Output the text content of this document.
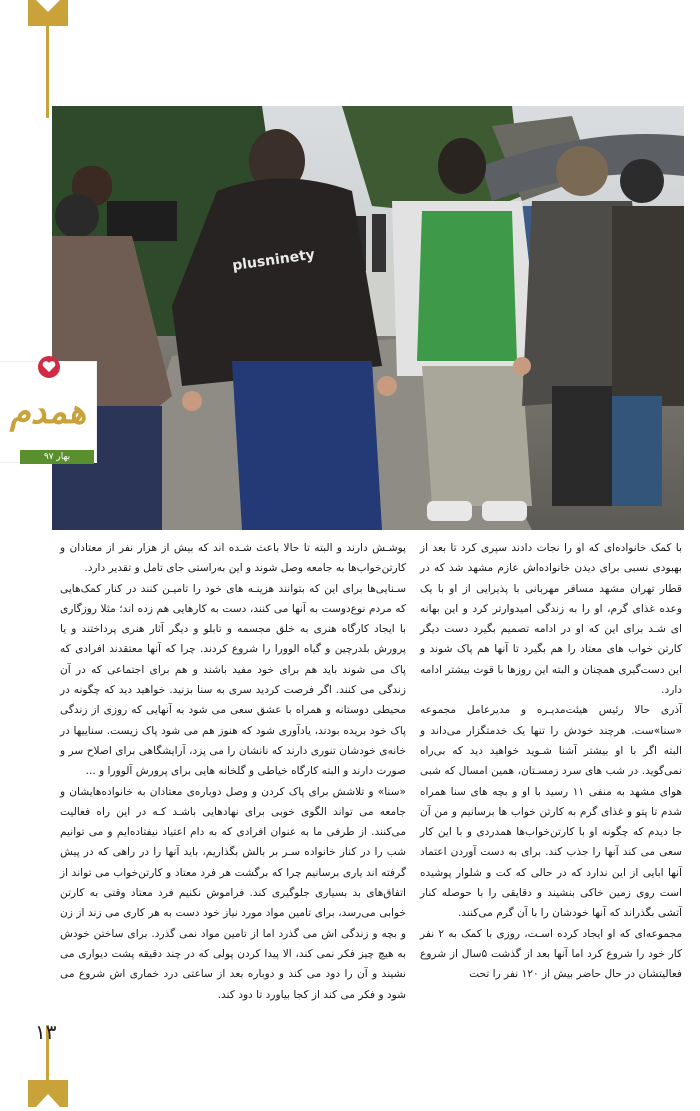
plusninety
همدم
بهار ۹۷

با کمک خانواده‌ای که او را نجات دادند سپری کرد تا بعد از بهبودی نسبی برای دیدن خانواده‌اش عازم مشهد شد که در قطار تهران مشهد مسافر مهربانی با پذیرایی از او با یک وعده غذای گرم، او را به زندگی امیدوارتر کرد و این بهانه ای شـد برای این که او در ادامه تصمیم بگیرد دست دیگر کارتن خواب های معتاد را هم بگیرد تا آنها هم پاک شوند و این دست‌گیری همچنان و البته این روزها با قوت بیشتر ادامه دارد.

آذری حالا رئیس هیئت‌مدیـره و مدیرعامل مجموعه «سنا»ست. هرچند خودش را تنها یک خدمتگزار می‌داند و البته اگر با او بیشتر آشنا شـوید خواهید دید که بی‌راه نمی‌گوید. در شب های سرد زمسـتان، همین امسال که شبی هوای مشهد به منفی ۱۱ رسید با او و بچه های سنا همراه شدم تا پتو و غذای گرم به کارتن خواب ها برسانیم و من آن جا دیدم که چگونه او با کارتن‌خواب‌ها همدردی و با این کار سعی می کند آنها را جذب کند. برای به دست آوردن اعتماد آنها ابایی از این ندارد که در حالی که کت و شلوار پوشیده است روی زمین خاکی بنشیند و دقایقی را با حوصله کنار آتشی بگذراند که آنها خودشان را با آن گرم می‌کنند.

مجموعه‌ای که او ایجاد کرده اسـت، روزی با کمک به ۲ نفر کار خود را شروع کرد اما آنها بعد از گذشت ۵سال از شروع فعالیتشان در حال حاضر بیش از ۱۲۰ نفر را تحت

پوشـش دارند و البته تا حالا باعث شـده اند که بیش از هزار نفر از معتادان و کارتن‌خواب‌ها به جامعه وصل شوند و این به‌راستی جای تامل و تقدیر دارد.

سـنایی‌ها برای این که بتوانند هزینـه های خود را تامیـن کنند در کنار کمک‌هایی که مردم نوع‌دوست به آنها می کنند، دست به کارهایی هم زده اند؛ مثلا روزگاری با ایجاد کارگاه هنری به خلق مجسمه و تابلو و دیگر آثار هنری پرداختند و یا پرورش بلدرچین و گیاه الوورا را شروع کردند. چرا که آنها معتقدند افرادی که پاک می شوند باید هم برای خود مفید باشند و هم برای اجتماعی که در آن زندگی می کنند. اگر فرصت کردید سری به سنا بزنید. خواهید دید که چگونه در محیطی دوستانه و همراه با عشق سعی می شود به آنهایی که روزی از زندگی پاک خود بریده بودند، یادآوری شود که هنوز هم می شود پاک زیست. سناییها در خانه‌ی خودشان تنوری دارند که نانشان را می پزد، آرایشگاهی برای اصلاح سر و صورت دارند و البته کارگاه خیاطی و گلخانه هایی برای پرورش آلوورا و ...

«سنا» و تلاشش برای پاک کردن و وصل دوباره‌ی معتادان به خانواده‌هایشان و جامعه می تواند الگوی خوبی برای نهادهایی باشـد کـه در این راه فعالیت می‌کنند. از طرفی ما به عنوان افرادی که به دام اعتیاد نیفتاده‌ایم و می توانیم شب را در کنار خانواده سـر بر بالش بگذاریم، باید آنها را در راهی که در پیش گرفته اند یاری برسانیم چرا که برگشت هر فرد معتاد و کارتن‌خواب می تواند از اتفاق‌های بد بسیاری جلوگیری کند. فراموش نکنیم فرد معتاد وقتی به کارتن خوابی می‌رسد، برای تامین مواد مورد نیاز خود دست به هر کاری می زند از زن و بچه و زندگی اش می گذرد اما از تامین مواد نمی گذرد. برای ساختن خودش به هیچ چیز فکر نمی کند، الا پیدا کردن پولی که در چند دقیقه پشت دیواری می نشیند و آن را دود می کند و دوباره بعد از ساعتی درد خماری اش شروع می شود و فکر می کند از کجا بیاورد تا دود کند.

۱۳
